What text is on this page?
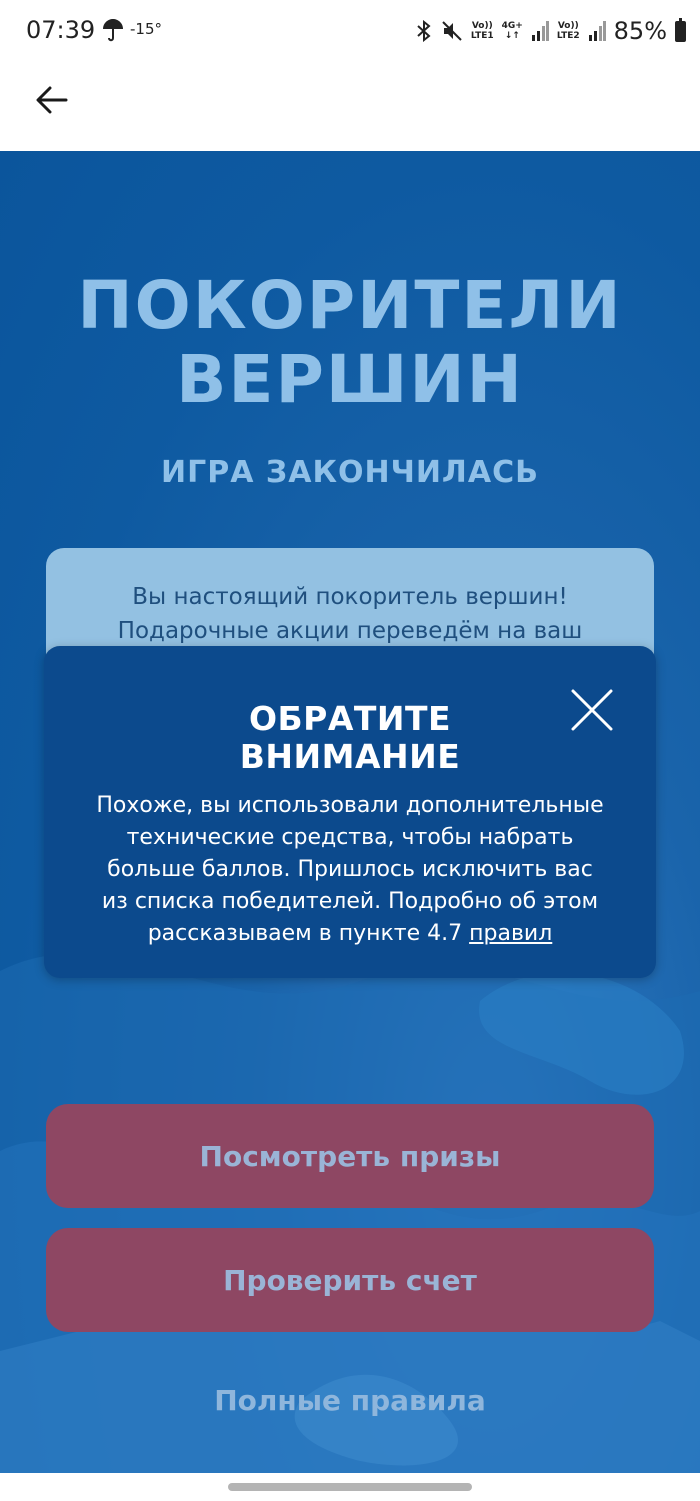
07:39 -15°	Vo))
LTE1
4G+
↓↑
Vo))
LTE2 85%
ПОКОРИТЕЛИ
ВЕРШИН
ИГРА ЗАКОНЧИЛАСЬ
Вы настоящий покоритель вершин!
Подарочные акции переведём на ваш
Посмотреть призы
Проверить счет
Полные правила
ОБРАТИТЕ
ВНИМАНИЕ
Похоже, вы использовали дополнительные
технические средства, чтобы набрать
больше баллов. Пришлось исключить вас
из списка победителей. Подробно об этом
рассказываем в пункте 4.7 правил
